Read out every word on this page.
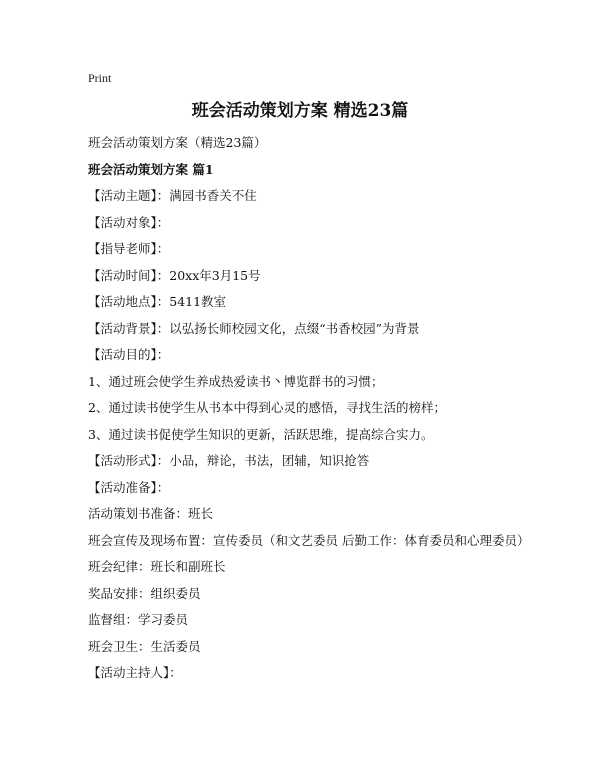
Print
班会活动策划方案 精选23篇
班会活动策划方案（精选23篇）
班会活动策划方案 篇1
【活动主题】：满园书香关不住
【活动对象】：
【指导老师】：
【活动时间】：20xx年3月15号
【活动地点】：5411教室
【活动背景】：以弘扬长师校园文化，点缀“书香校园”为背景
【活动目的】：
1、通过班会使学生养成热爱读书丶博览群书的习惯；
2、通过读书使学生从书本中得到心灵的感悟，寻找生活的榜样；
3、通过读书促使学生知识的更新，活跃思维，提高综合实力。
【活动形式】：小品，辩论，书法，团辅，知识抢答
【活动准备】：
活动策划书准备：班长
班会宣传及现场布置：宣传委员（和文艺委员 后勤工作：体育委员和心理委员）
班会纪律：班长和副班长
奖品安排：组织委员
监督组：学习委员
班会卫生：生活委员
【活动主持人】：
